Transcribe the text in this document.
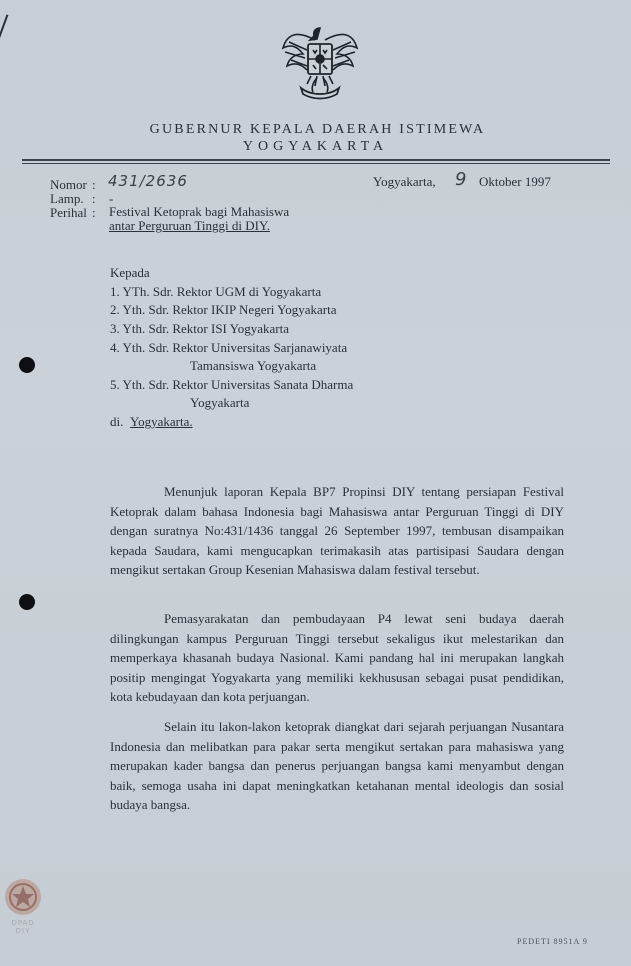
GUBERNUR KEPALA DAERAH ISTIMEWA
YOGYAKARTA
Nomor : 431/2636
Lamp. : -
Perihal : Festival Ketoprak bagi Mahasiswa
antar Perguruan Tinggi di DIY.
Yogyakarta, 9 Oktober 1997
Kepada
1. YTh. Sdr. Rektor UGM di Yogyakarta
2. Yth. Sdr. Rektor IKIP Negeri Yogyakarta
3. Yth. Sdr. Rektor ISI Yogyakarta
4. Yth. Sdr. Rektor Universitas Sarjanawiyata
Tamansiswa Yogyakarta
5. Yth. Sdr. Rektor Universitas Sanata Dharma
Yogyakarta
di. Yogyakarta.
Menunjuk laporan Kepala BP7 Propinsi DIY tentang persiapan Festival Ketoprak dalam bahasa Indonesia bagi Mahasiswa antar Perguruan Tinggi di DIY dengan suratnya No:431/1436 tanggal 26 September 1997, tembusan disampaikan kepada Saudara, kami mengucapkan terimakasih atas partisipasi Saudara dengan mengikut sertakan Group Kesenian Mahasiswa dalam festival tersebut.
Pemasyarakatan dan pembudayaan P4 lewat seni budaya daerah dilingkungan kampus Perguruan Tinggi tersebut sekaligus ikut melestarikan dan memperkaya khasanah budaya Nasional. Kami pandang hal ini merupakan langkah positip mengingat Yogyakarta yang memiliki kekhususan sebagai pusat pendidikan, kota kebudayaan dan kota perjuangan.
Selain itu lakon-lakon ketoprak diangkat dari sejarah perjuangan Nusantara Indonesia dan melibatkan para pakar serta mengikut sertakan para mahasiswa yang merupakan kader bangsa dan penerus perjuangan bangsa kami menyambut dengan baik, semoga usaha ini dapat meningkatkan ketahanan mental ideologis dan sosial budaya bangsa.
DPAD
DIY
PEDETI 8951A 9
